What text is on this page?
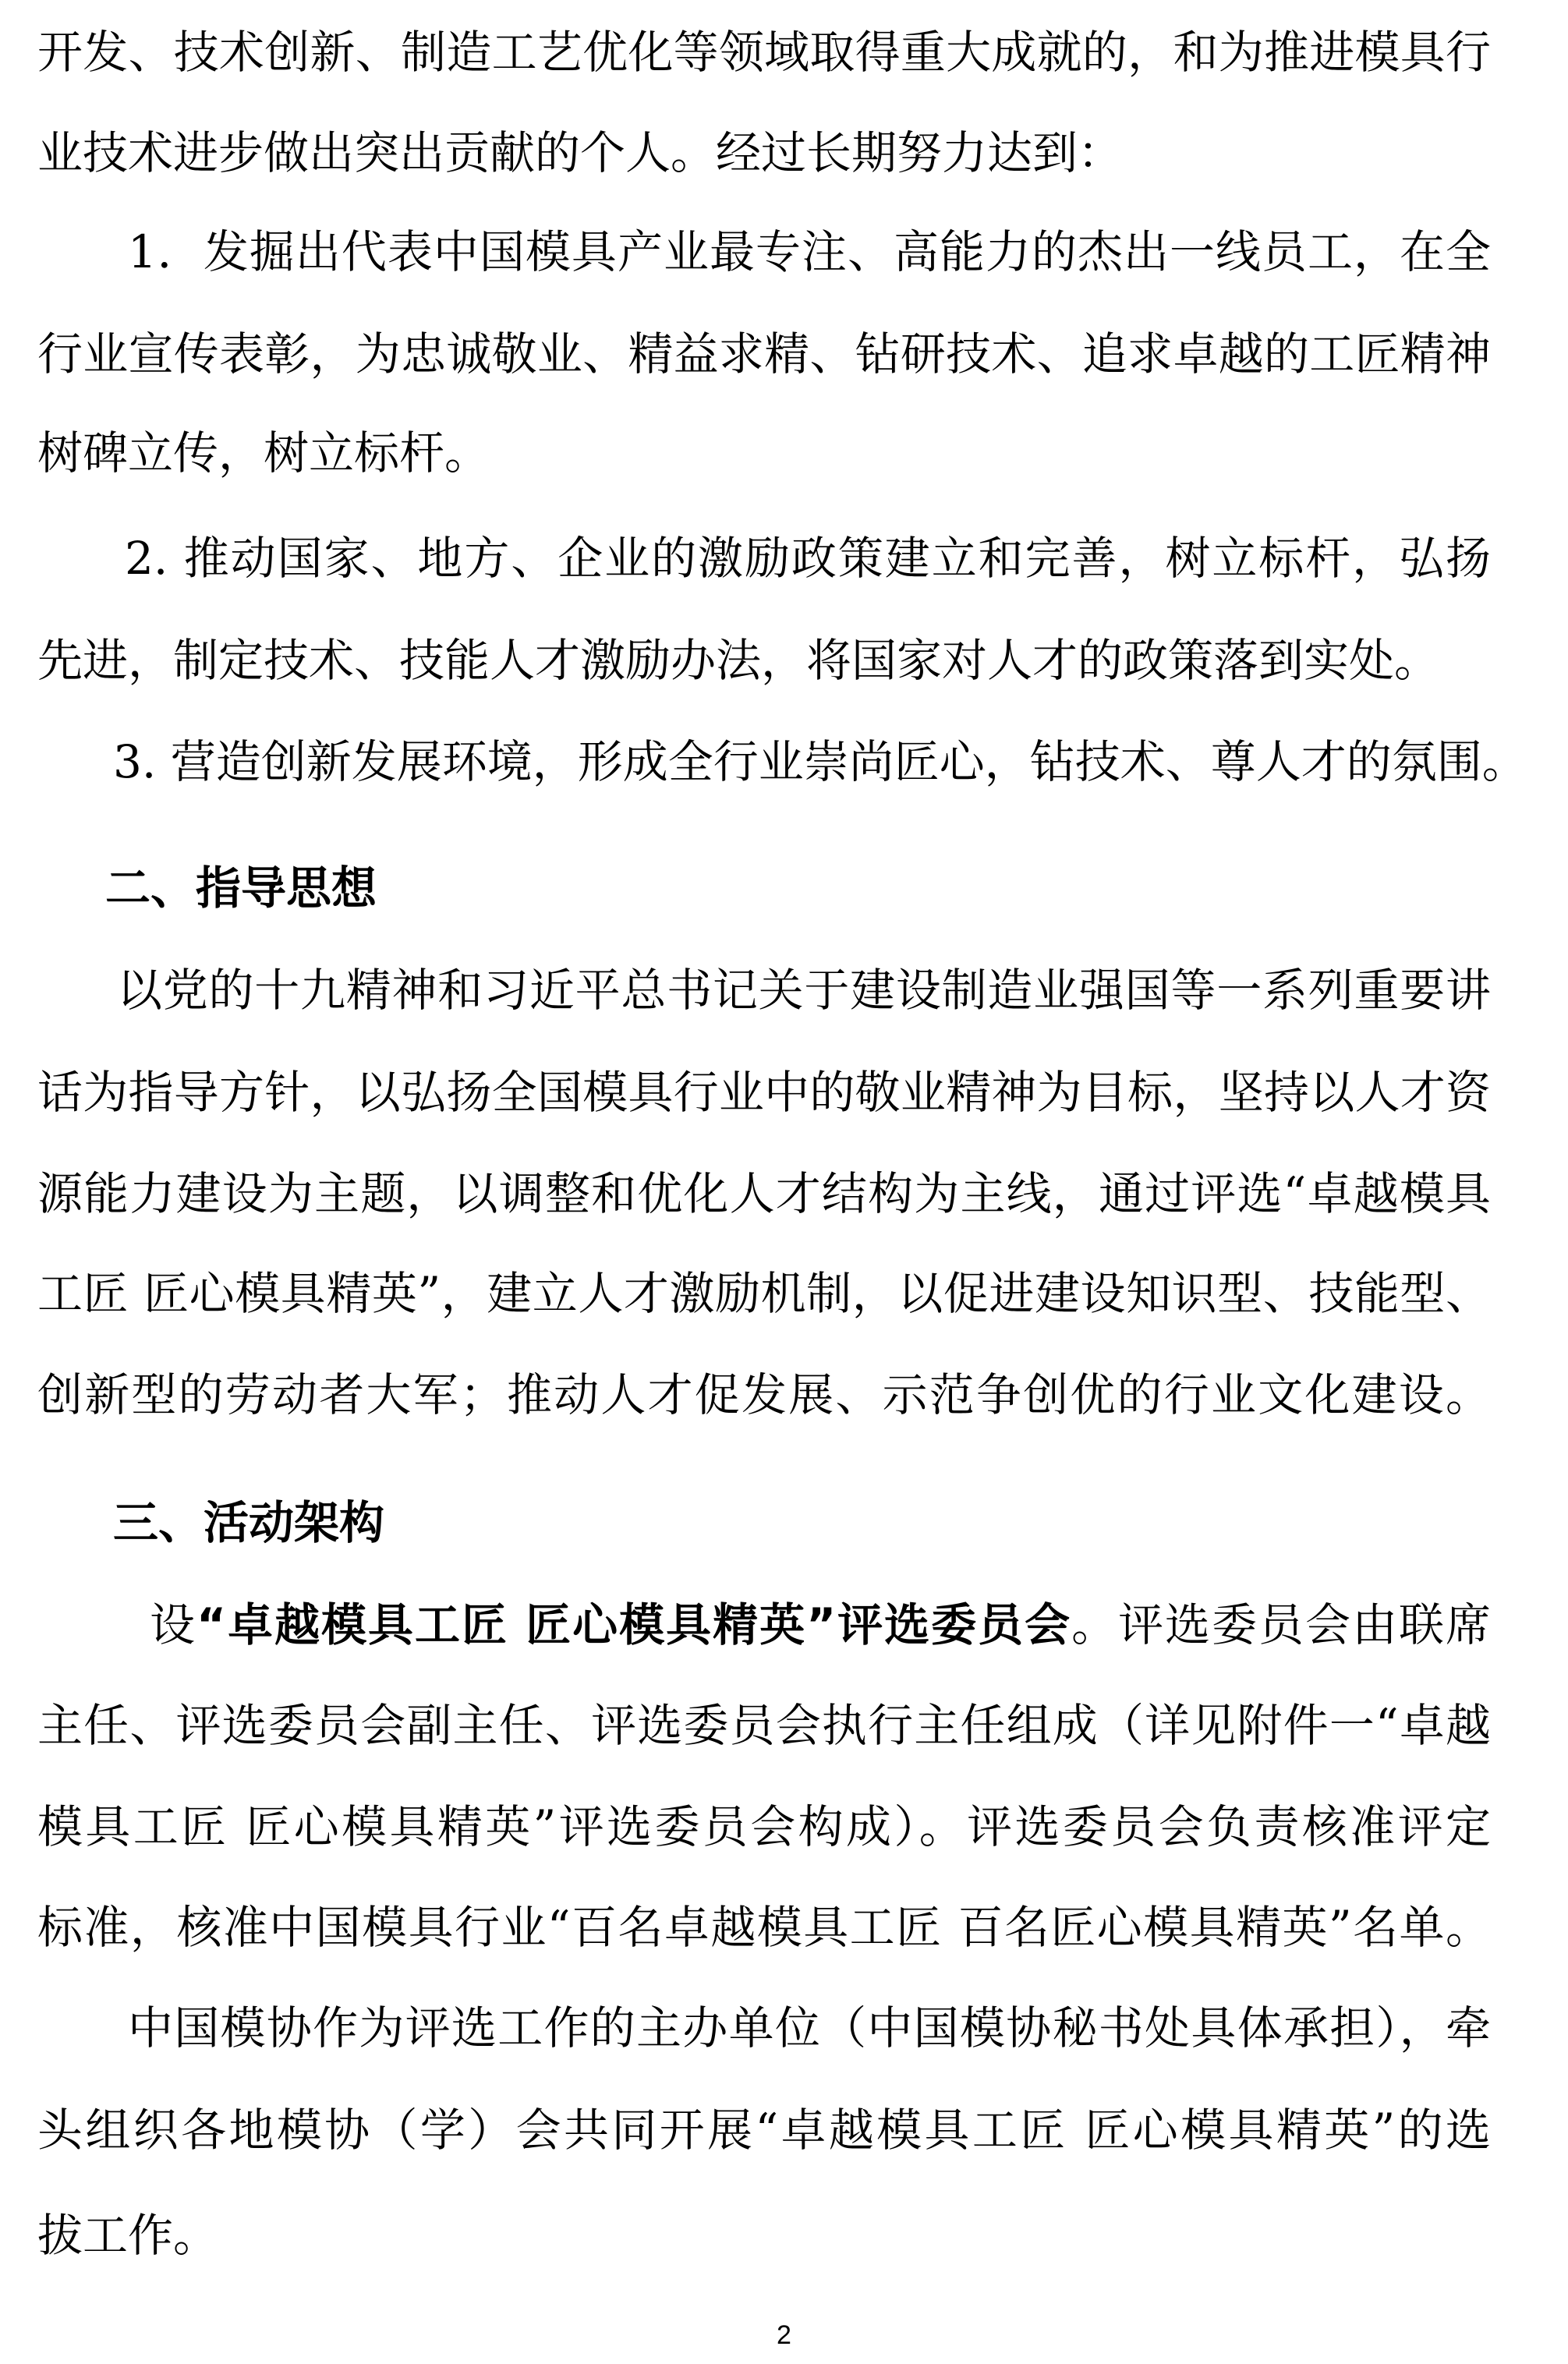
开发、技术创新、制造工艺优化等领域取得重大成就的，和为推进模具行
业技术进步做出突出贡献的个人。经过长期努力达到：
1．发掘出代表中国模具产业最专注、高能力的杰出一线员工，在全
行业宣传表彰，为忠诚敬业、精益求精、钻研技术、追求卓越的工匠精神
树碑立传，树立标杆。
2. 推动国家、地方、企业的激励政策建立和完善，树立标杆，弘扬
先进，制定技术、技能人才激励办法，将国家对人才的政策落到实处。
3. 营造创新发展环境，形成全行业崇尚匠心，钻技术、尊人才的氛围。
二、指导思想
以党的十九精神和习近平总书记关于建设制造业强国等一系列重要讲
话为指导方针，以弘扬全国模具行业中的敬业精神为目标，坚持以人才资
源能力建设为主题，以调整和优化人才结构为主线，通过评选“卓越模具
工匠 匠心模具精英”，建立人才激励机制，以促进建设知识型、技能型、
创新型的劳动者大军；推动人才促发展、示范争创优的行业文化建设。
三、活动架构
设“卓越模具工匠 匠心模具精英”评选委员会。评选委员会由联席
主任、评选委员会副主任、评选委员会执行主任组成（详见附件一“卓越
模具工匠 匠心模具精英”评选委员会构成）。评选委员会负责核准评定
标准，核准中国模具行业“百名卓越模具工匠 百名匠心模具精英”名单。
中国模协作为评选工作的主办单位（中国模协秘书处具体承担），牵
头组织各地模协（学）会共同开展“卓越模具工匠 匠心模具精英”的选
拔工作。
2
